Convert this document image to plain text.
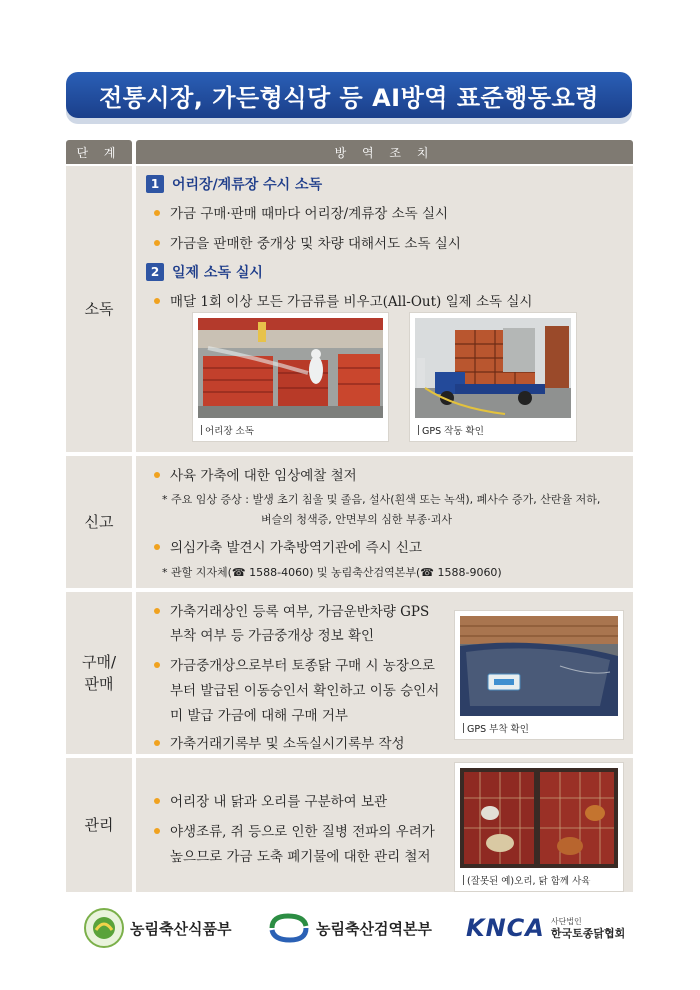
전통시장, 가든형식당 등 AI방역 표준행동요령
단 계	방 역 조 치
소독
1 어리장/계류장 수시 소독
가금 구매·판매 때마다 어리장/계류장 소독 실시
가금을 판매한 중개상 및 차량 대해서도 소독 실시
2 일제 소독 실시
매달 1회 이상 모든 가금류를 비우고(All-Out) 일제 소독 실시
어리장 소독	GPS 작동 확인
신고
사육 가축에 대한 임상예찰 철저
* 주요 임상 증상 : 발생 초기 침울 및 졸음, 설사(흰색 또는 녹색), 폐사수 증가, 산란율 저하,
벼슬의 청색증, 안면부의 심한 부종·괴사
의심가축 발견시 가축방역기관에 즉시 신고
* 관할 지자체(☎ 1588-4060) 및 농림축산검역본부(☎ 1588-9060)
구매/
판매
가축거래상인 등록 여부, 가금운반차량 GPS
부착 여부 등 가금중개상 정보 확인
가금중개상으로부터 토종닭 구매 시 농장으로
부터 발급된 이동승인서 확인하고 이동 승인서
미 발급 가금에 대해 구매 거부
가축거래기록부 및 소독실시기록부 작성
GPS 부착 확인
관리
어리장 내 닭과 오리를 구분하여 보관
야생조류, 쥐 등으로 인한 질병 전파의 우려가
높으므로 가금 도축 폐기물에 대한 관리 철저
(잘못된 예)오리, 닭 함께 사육
농림축산식품부	농림축산검역본부 KNCA 사단법인
한국토종닭협회
